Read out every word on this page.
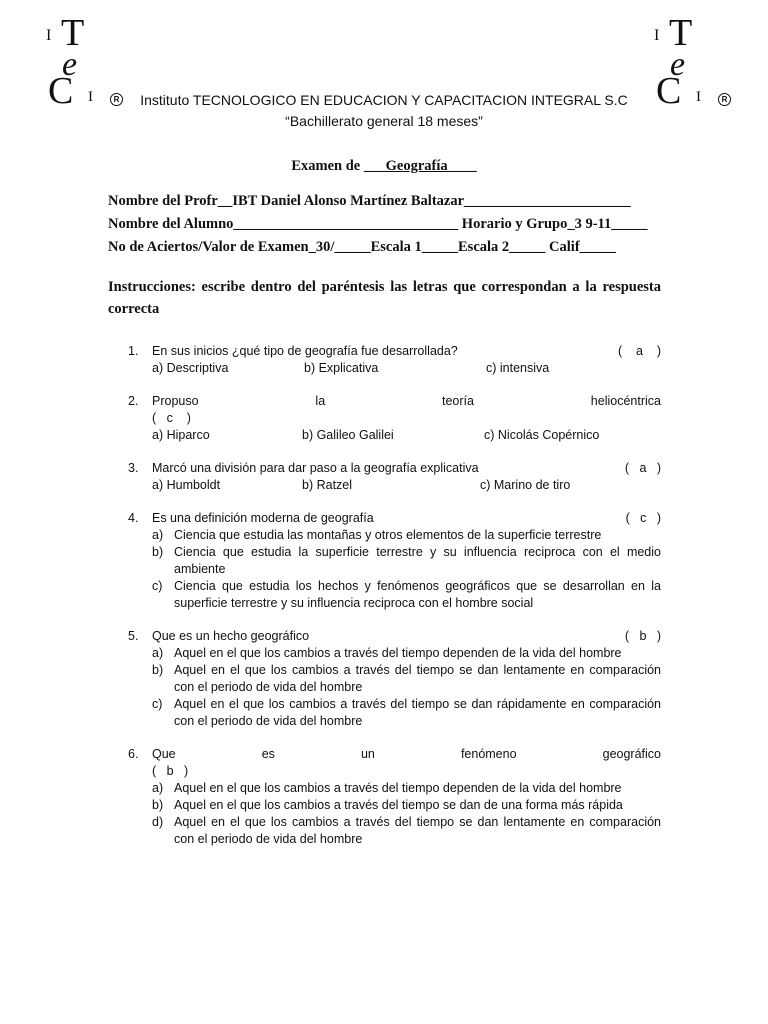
I T
e
C I	R
I T
e
C I	R
Instituto TECNOLOGICO EN EDUCACION Y CAPACITACION INTEGRAL S.C
“Bachillerato general 18 meses”
Examen de ___Geografía____
Nombre del Profr__IBT Daniel Alonso Martínez Baltazar_______________________
Nombre del Alumno_______________________________ Horario y Grupo_3 9-11_____
No de Aciertos/Valor de Examen_30/_____Escala 1_____Escala 2_____ Calif_____
Instrucciones: escribe dentro del paréntesis las letras que correspondan a la respuesta correcta
1.	En sus inicios ¿qué tipo de geografía fue desarrollada?	(    a    )
a) Descriptiva	b) Explicativa	c) intensiva
2.	Propuso la teoría heliocéntrica
(   c    )
a) Hiparco	b) Galileo Galilei	c) Nicolás Copérnico
3.	Marcó una división para dar paso a la geografía explicativa	(   a   )
a) Humboldt	b) Ratzel	c) Marino de tiro
4.	Es una definición moderna de geografía	(   c   )
a) Ciencia que estudia las montañas y otros elementos de la superficie terrestre
b) Ciencia que estudia la superficie terrestre y su influencia reciproca con el medio ambiente
c) Ciencia que estudia los hechos y fenómenos geográficos que se desarrollan en la superficie terrestre y su influencia reciproca con el hombre social
5.	Que es un hecho geográfico	(   b   )
a) Aquel en el que los cambios a través del tiempo dependen de la vida del hombre
b) Aquel en el que los cambios a través del tiempo se dan lentamente en comparación con el periodo de vida del hombre
c) Aquel en el que los cambios a través del tiempo se dan rápidamente en comparación con el periodo de vida del hombre
6.	Que es un fenómeno geográfico
(   b   )
a) Aquel en el que los cambios a través del tiempo dependen de la vida del hombre
b) Aquel en el que los cambios a través del tiempo se dan de una forma más rápida
d) Aquel en el que los cambios a través del tiempo se dan lentamente en comparación con el periodo de vida del hombre
